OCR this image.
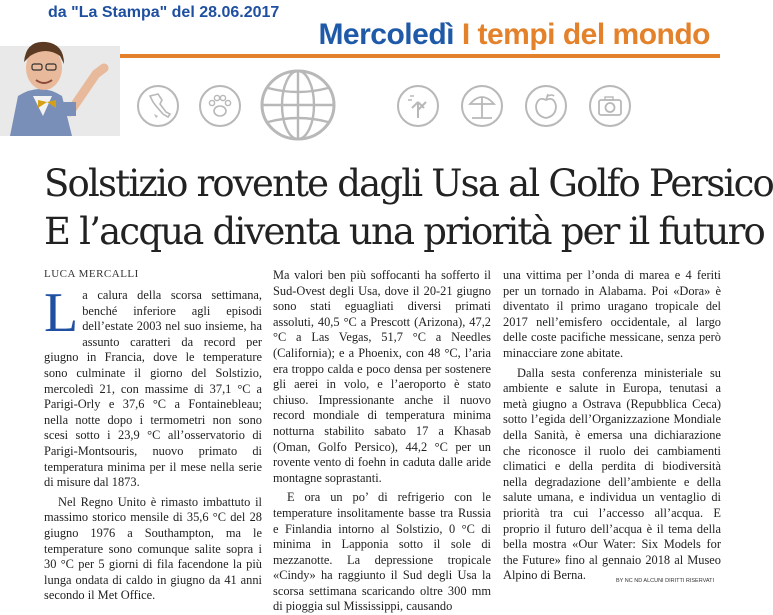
da "La Stampa" del 28.06.2017
Mercoledì I tempi del mondo
Solstizio rovente dagli Usa al Golfo Persico
E l’acqua diventa una priorità per il futuro
LUCA MERCALLI

La calura della scorsa settimana, benché inferiore agli episodi dell’estate 2003 nel suo insieme, ha assunto caratteri da record per giugno in Francia, dove le temperature sono culminate il giorno del Solstizio, mercoledì 21, con massime di 37,1 °C a Parigi-Orly e 37,6 °C a Fontainebleau; nella notte dopo i termometri non sono scesi sotto i 23,9 °C all’osservatorio di Parigi-Montsouris, nuovo primato di temperatura minima per il mese nella serie di misure dal 1873.

Nel Regno Unito è rimasto imbattuto il massimo storico mensile di 35,6 °C del 28 giugno 1976 a Southampton, ma le temperature sono comunque salite sopra i 30 °C per 5 giorni di fila facendone la più lunga ondata di caldo in giugno da 41 anni secondo il Met Office.

Ma valori ben più soffocanti ha sofferto il Sud-Ovest degli Usa, dove il 20-21 giugno sono stati eguagliati diversi primati assoluti, 40,5 °C a Prescott (Arizona), 47,2 °C a Las Vegas, 51,7 °C a Needles (California); e a Phoenix, con 48 °C, l’aria era troppo calda e poco densa per sostenere gli aerei in volo, e l’aeroporto è stato chiuso. Impressionante anche il nuovo record mondiale di temperatura minima notturna stabilito sabato 17 a Khasab (Oman, Golfo Persico), 44,2 °C per un rovente vento di foehn in caduta dalle aride montagne soprastanti.

E ora un po’ di refrigerio con le temperature insolitamente basse tra Russia e Finlandia intorno al Solstizio, 0 °C di minima in Lapponia sotto il sole di mezzanotte. La depressione tropicale «Cindy» ha raggiunto il Sud degli Usa la scorsa settimana scaricando oltre 300 mm di pioggia sul Mississippi, causando

una vittima per l’onda di marea e 4 feriti per un tornado in Alabama. Poi «Dora» è diventato il primo uragano tropicale del 2017 nell’emisfero occidentale, al largo delle coste pacifiche messicane, senza però minacciare zone abitate.

Dalla sesta conferenza ministeriale su ambiente e salute in Europa, tenutasi a metà giugno a Ostrava (Repubblica Ceca) sotto l’egida dell’Organizzazione Mondiale della Sanità, è emersa una dichiarazione che riconosce il ruolo dei cambiamenti climatici e della perdita di biodiversità nella degradazione dell’ambiente e della salute umana, e individua un ventaglio di priorità tra cui l’accesso all’acqua. E proprio il futuro dell’acqua è il tema della bella mostra «Our Water: Six Models for the Future» fino al gennaio 2018 al Museo Alpino di Berna.	BY NC ND ALCUNI DIRITTI RISERVATI
